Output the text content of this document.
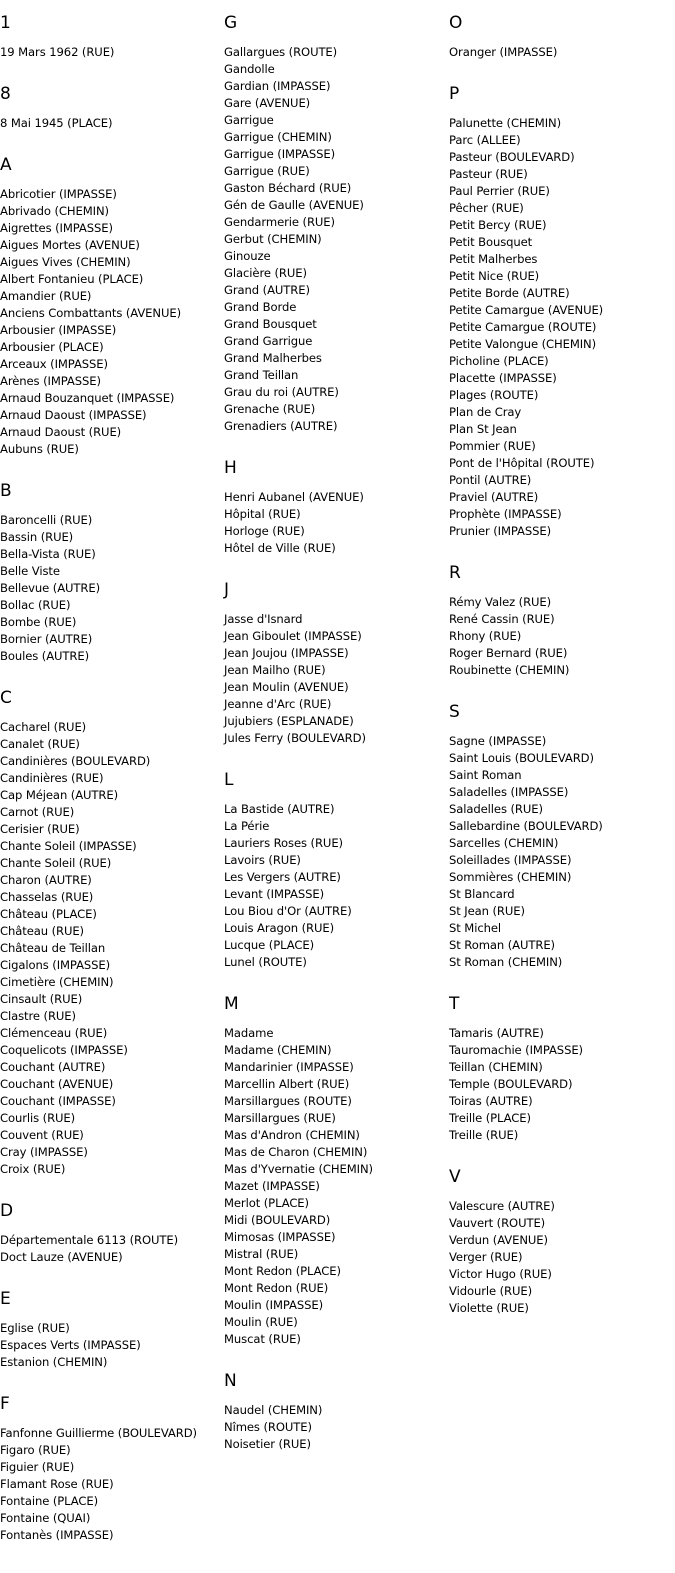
1
19 Mars 1962 (RUE)
8
8 Mai 1945 (PLACE)
A
Abricotier (IMPASSE)
Abrivado (CHEMIN)
Aigrettes (IMPASSE)
Aigues Mortes (AVENUE)
Aigues Vives (CHEMIN)
Albert Fontanieu (PLACE)
Amandier (RUE)
Anciens Combattants (AVENUE)
Arbousier (IMPASSE)
Arbousier (PLACE)
Arceaux (IMPASSE)
Arènes (IMPASSE)
Arnaud Bouzanquet (IMPASSE)
Arnaud Daoust (IMPASSE)
Arnaud Daoust (RUE)
Aubuns (RUE)
B
Baroncelli (RUE)
Bassin (RUE)
Bella-Vista (RUE)
Belle Viste
Bellevue (AUTRE)
Bollac (RUE)
Bombe (RUE)
Bornier (AUTRE)
Boules (AUTRE)
C
Cacharel (RUE)
Canalet (RUE)
Candinières (BOULEVARD)
Candinières (RUE)
Cap Méjean (AUTRE)
Carnot (RUE)
Cerisier (RUE)
Chante Soleil (IMPASSE)
Chante Soleil (RUE)
Charon (AUTRE)
Chasselas (RUE)
Château (PLACE)
Château (RUE)
Château de Teillan
Cigalons (IMPASSE)
Cimetière (CHEMIN)
Cinsault (RUE)
Clastre (RUE)
Clémenceau (RUE)
Coquelicots (IMPASSE)
Couchant (AUTRE)
Couchant (AVENUE)
Couchant (IMPASSE)
Courlis (RUE)
Couvent (RUE)
Cray (IMPASSE)
Croix (RUE)
D
Départementale 6113 (ROUTE)
Doct Lauze (AVENUE)
E
Eglise (RUE)
Espaces Verts (IMPASSE)
Estanion (CHEMIN)
F
Fanfonne Guillierme (BOULEVARD)
Figaro (RUE)
Figuier (RUE)
Flamant Rose (RUE)
Fontaine (PLACE)
Fontaine (QUAI)
Fontanès (IMPASSE)
G
Gallargues (ROUTE)
Gandolle
Gardian (IMPASSE)
Gare (AVENUE)
Garrigue
Garrigue (CHEMIN)
Garrigue (IMPASSE)
Garrigue (RUE)
Gaston Béchard (RUE)
Gén de Gaulle (AVENUE)
Gendarmerie (RUE)
Gerbut (CHEMIN)
Ginouze
Glacière (RUE)
Grand (AUTRE)
Grand Borde
Grand Bousquet
Grand Garrigue
Grand Malherbes
Grand Teillan
Grau du roi (AUTRE)
Grenache (RUE)
Grenadiers (AUTRE)
H
Henri Aubanel (AVENUE)
Hôpital (RUE)
Horloge (RUE)
Hôtel de Ville (RUE)
J
Jasse d'Isnard
Jean Giboulet (IMPASSE)
Jean Joujou (IMPASSE)
Jean Mailho (RUE)
Jean Moulin (AVENUE)
Jeanne d'Arc (RUE)
Jujubiers (ESPLANADE)
Jules Ferry (BOULEVARD)
L
La Bastide (AUTRE)
La Périe
Lauriers Roses (RUE)
Lavoirs (RUE)
Les Vergers (AUTRE)
Levant (IMPASSE)
Lou Biou d'Or (AUTRE)
Louis Aragon (RUE)
Lucque (PLACE)
Lunel (ROUTE)
M
Madame
Madame (CHEMIN)
Mandarinier (IMPASSE)
Marcellin Albert (RUE)
Marsillargues (ROUTE)
Marsillargues (RUE)
Mas d'Andron (CHEMIN)
Mas de Charon (CHEMIN)
Mas d'Yvernatie (CHEMIN)
Mazet (IMPASSE)
Merlot (PLACE)
Midi (BOULEVARD)
Mimosas (IMPASSE)
Mistral (RUE)
Mont Redon (PLACE)
Mont Redon (RUE)
Moulin (IMPASSE)
Moulin (RUE)
Muscat (RUE)
N
Naudel (CHEMIN)
Nîmes (ROUTE)
Noisetier (RUE)
O
Oranger (IMPASSE)
P
Palunette (CHEMIN)
Parc (ALLEE)
Pasteur (BOULEVARD)
Pasteur (RUE)
Paul Perrier (RUE)
Pêcher (RUE)
Petit Bercy (RUE)
Petit Bousquet
Petit Malherbes
Petit Nice (RUE)
Petite Borde (AUTRE)
Petite Camargue (AVENUE)
Petite Camargue (ROUTE)
Petite Valongue (CHEMIN)
Picholine (PLACE)
Placette (IMPASSE)
Plages (ROUTE)
Plan de Cray
Plan St Jean
Pommier (RUE)
Pont de l'Hôpital (ROUTE)
Pontil (AUTRE)
Praviel (AUTRE)
Prophète (IMPASSE)
Prunier (IMPASSE)
R
Rémy Valez (RUE)
René Cassin (RUE)
Rhony (RUE)
Roger Bernard (RUE)
Roubinette (CHEMIN)
S
Sagne (IMPASSE)
Saint Louis (BOULEVARD)
Saint Roman
Saladelles (IMPASSE)
Saladelles (RUE)
Sallebardine (BOULEVARD)
Sarcelles (CHEMIN)
Soleillades (IMPASSE)
Sommières (CHEMIN)
St Blancard
St Jean (RUE)
St Michel
St Roman (AUTRE)
St Roman (CHEMIN)
T
Tamaris (AUTRE)
Tauromachie (IMPASSE)
Teillan (CHEMIN)
Temple (BOULEVARD)
Toiras (AUTRE)
Treille (PLACE)
Treille (RUE)
V
Valescure (AUTRE)
Vauvert (ROUTE)
Verdun (AVENUE)
Verger (RUE)
Victor Hugo (RUE)
Vidourle (RUE)
Violette (RUE)
